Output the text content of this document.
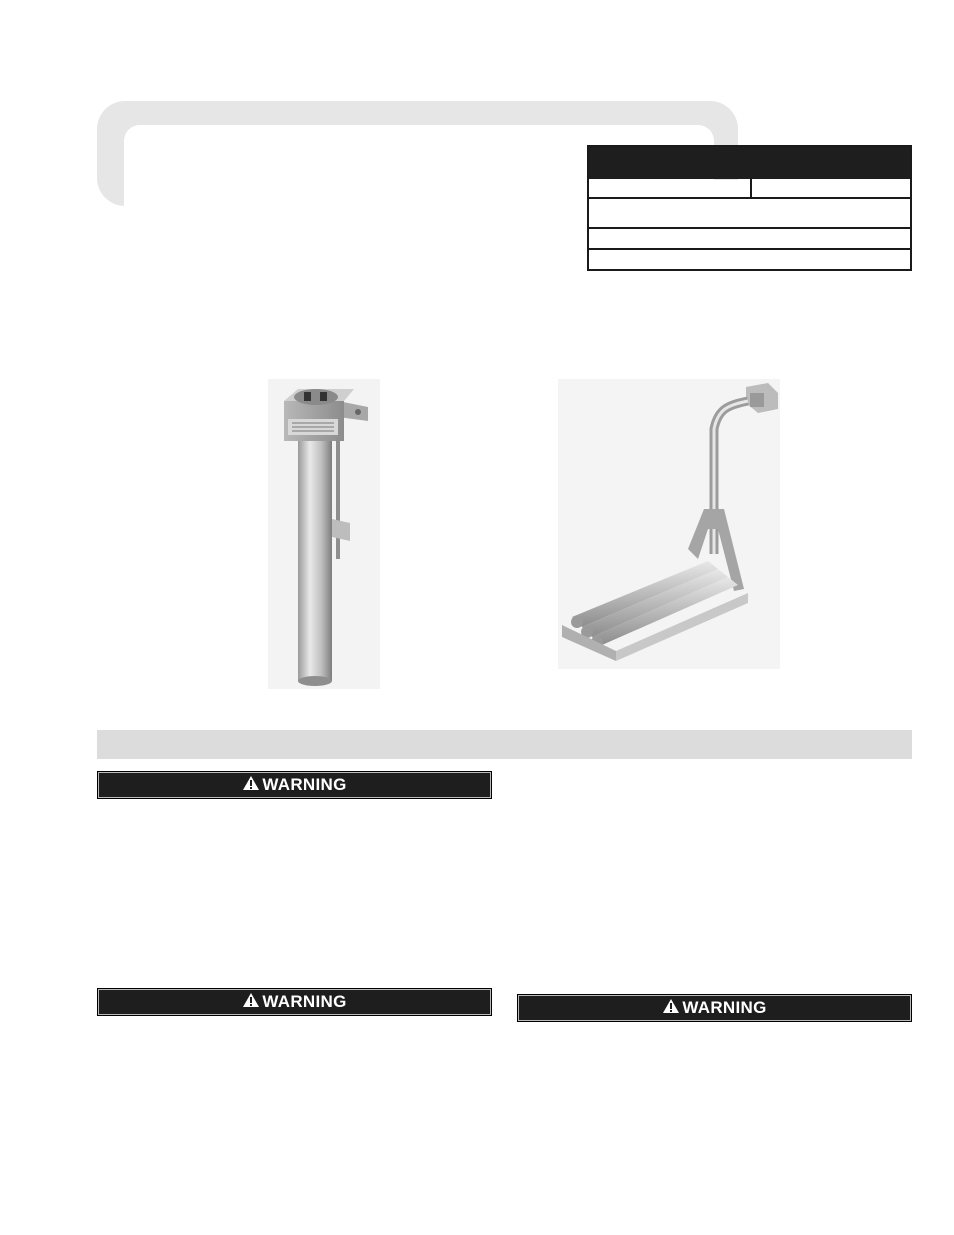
WARNING
WARNING	WARNING
